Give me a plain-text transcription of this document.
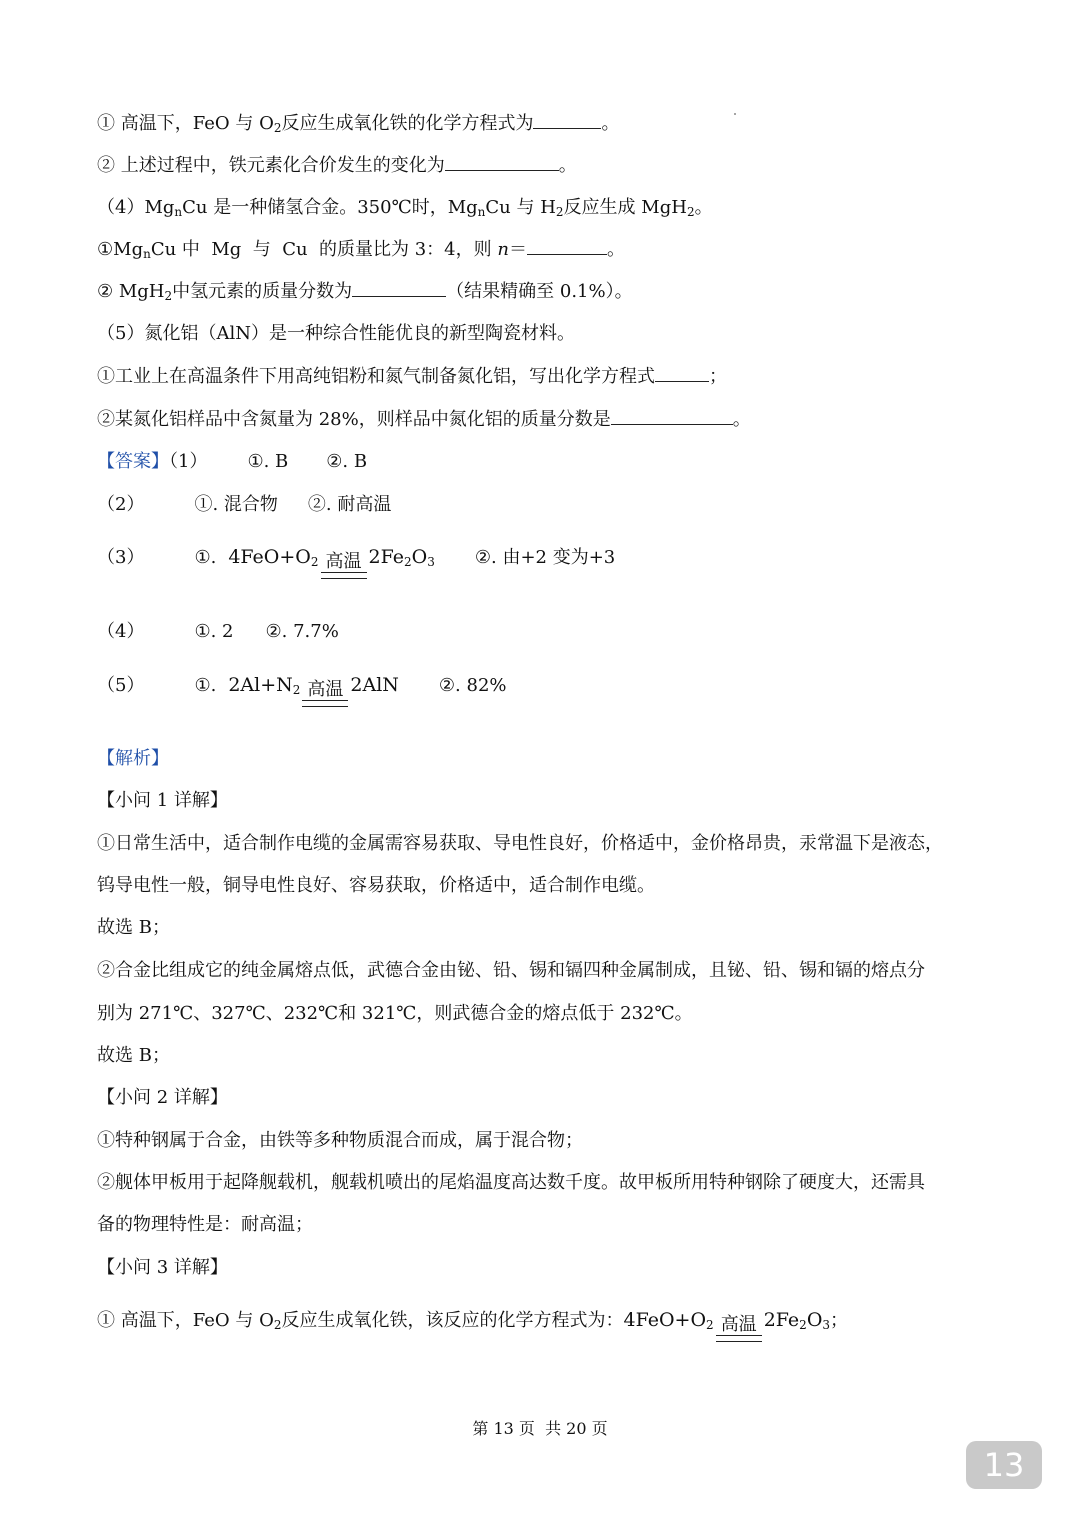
① 高温下，FeO 与 $O_2$反应生成氧化铁的化学方程式为	。
② 上述过程中，铁元素化合价发生的变化为	。
$(4)Mg_nCu$ 是一种储氢合金。350℃时，$Mg_nCu$ 与 $H_2$反应生成 MgH$_2$。
$①Mg_nCu$ 中  Mg  与  Cu  的质量比为 3：4，则 n＝	。
② MgH$_2$中氢元素的质量分数为	（结果精确至 0.1%）。
（5）氮化铝（AlN）是一种综合性能优良的新型陶瓷材料。
①工业上在高温条件下用高纯铝粉和氮气制备氮化铝，写出化学方程式	；
②某氮化铝样品中含氮量为 28%，则样品中氮化铝的质量分数是	。
【答案】（1） ①. B ②. B
（2）	①. 混合物 ②. 耐高温
（3）	①. $4FeO+O_2$ 高温 $2Fe_2O_3$ ②. 由+2 变为+3
（4）	①. 2 ②. 7.7%
（5）	①. $2Al+N_2$ 高温 2AlN ②. 82%
【解析】
【小问 1 详解】
①日常生活中，适合制作电缆的金属需容易获取、导电性良好，价格适中，金价格昂贵，汞常温下是液态，
钨导电性一般，铜导电性良好、容易获取，价格适中，适合制作电缆。
故选 B；
②合金比组成它的纯金属熔点低，武德合金由铋、铅、锡和镉四种金属制成，且铋、铅、锡和镉的熔点分
别为 271℃、327℃、232℃和 321℃，则武德合金的熔点低于 232℃。
故选 B；
【小问 2 详解】
①特种钢属于合金，由铁等多种物质混合而成，属于混合物；
②舰体甲板用于起降舰载机，舰载机喷出的尾焰温度高达数千度。故甲板所用特种钢除了硬度大，还需具
备的物理特性是：耐高温；
【小问 3 详解】
① 高温下，FeO 与 $O_2$反应生成氧化铁，该反应的化学方程式为：$4FeO+O_2$ 高温 $2Fe_2O_3$；
第 13 页  共 20 页
13
